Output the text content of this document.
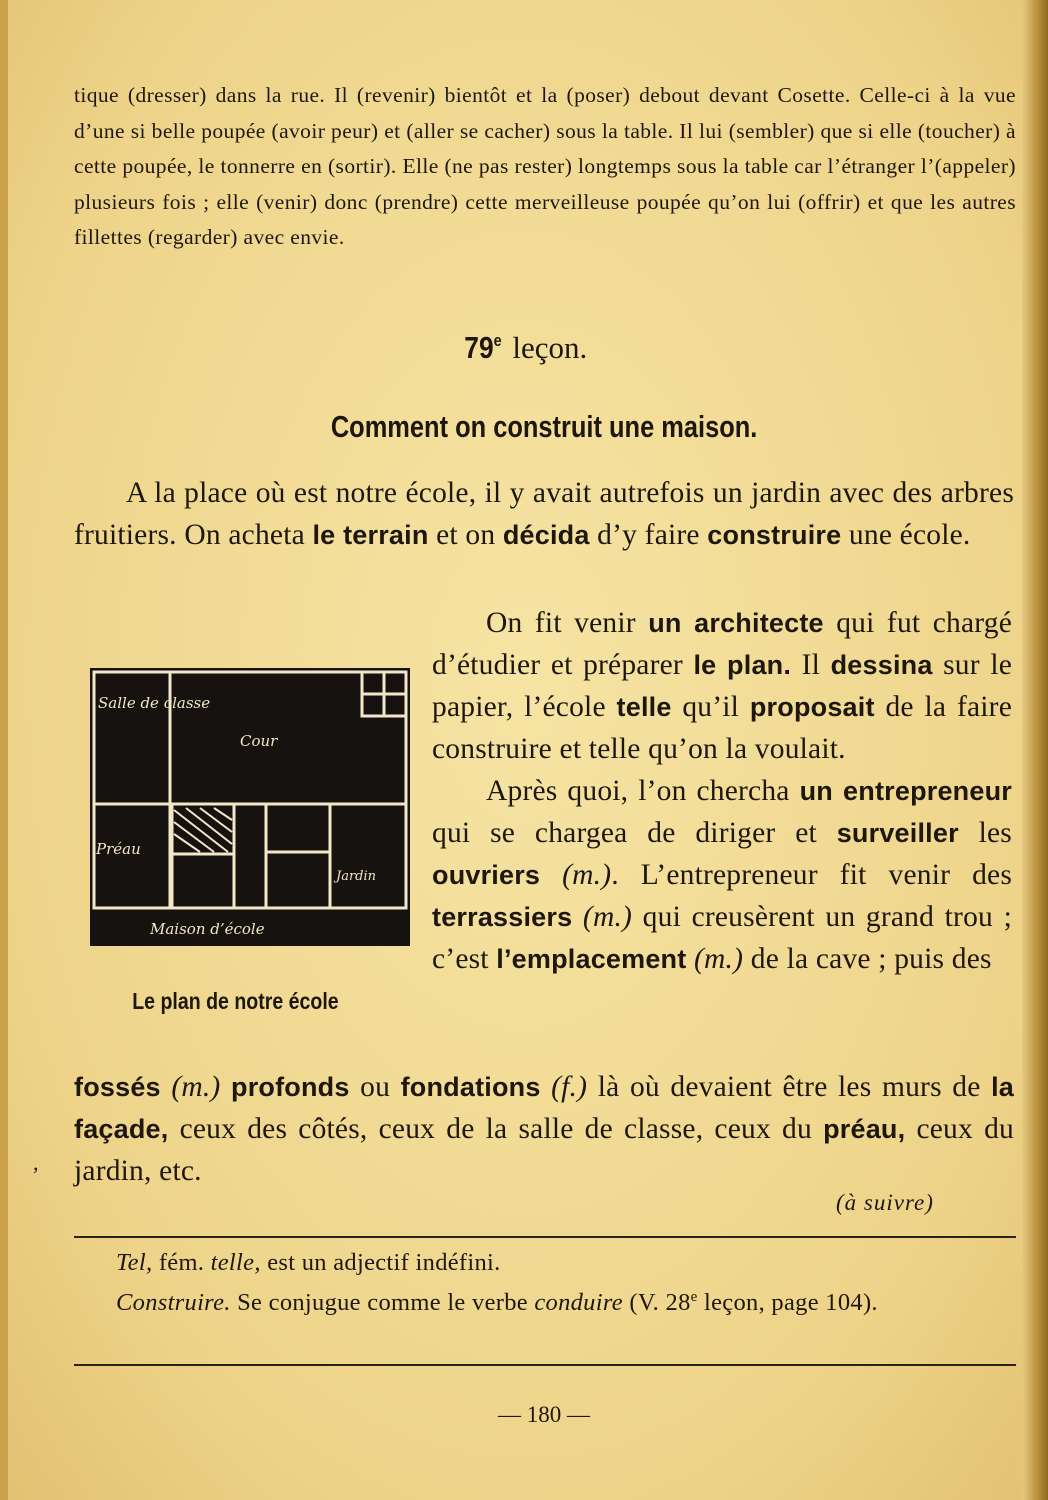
tique (dresser) dans la rue. Il (revenir) bientôt et la (poser) debout devant Cosette. Celle-ci à la vue d’une si belle poupée (avoir peur) et (aller se cacher) sous la table. Il lui (sembler) que si elle (toucher) à cette poupée, le tonnerre en (sortir). Elle (ne pas rester) longtemps sous la table car l’étranger l’(appeler) plusieurs fois ; elle (venir) donc (prendre) cette merveilleuse poupée qu’on lui (offrir) et que les autres fillettes (regarder) avec envie.
79e leçon.
Comment on construit une maison.
A la place où est notre école, il y avait autrefois un jardin avec des arbres fruitiers. On acheta le terrain et on décida d’y faire construire une école.
Salle de classe
Cour
Préau
Jardin
Maison d’école
Le plan de notre école
On fit venir un architecte qui fut chargé d’étudier et préparer le plan. Il dessina sur le papier, l’école telle qu’il proposait de la faire construire et telle qu’on la voulait.
Après quoi, l’on chercha un entrepreneur qui se chargea de diriger et surveiller les ouvriers (m.). L’entrepreneur fit venir des terrassiers (m.) qui creusèrent un grand trou ; c’est l’emplacement (m.) de la cave ; puis des
fossés (m.) profonds ou fondations (f.) là où devaient être les murs de la façade, ceux des côtés, ceux de la salle de classe, ceux du préau, ceux du jardin, etc.
(à suivre)
Tel, fém. telle, est un adjectif indéfini.
Construire. Se conjugue comme le verbe conduire (V. 28e leçon, page 104).
— 180 —
,
